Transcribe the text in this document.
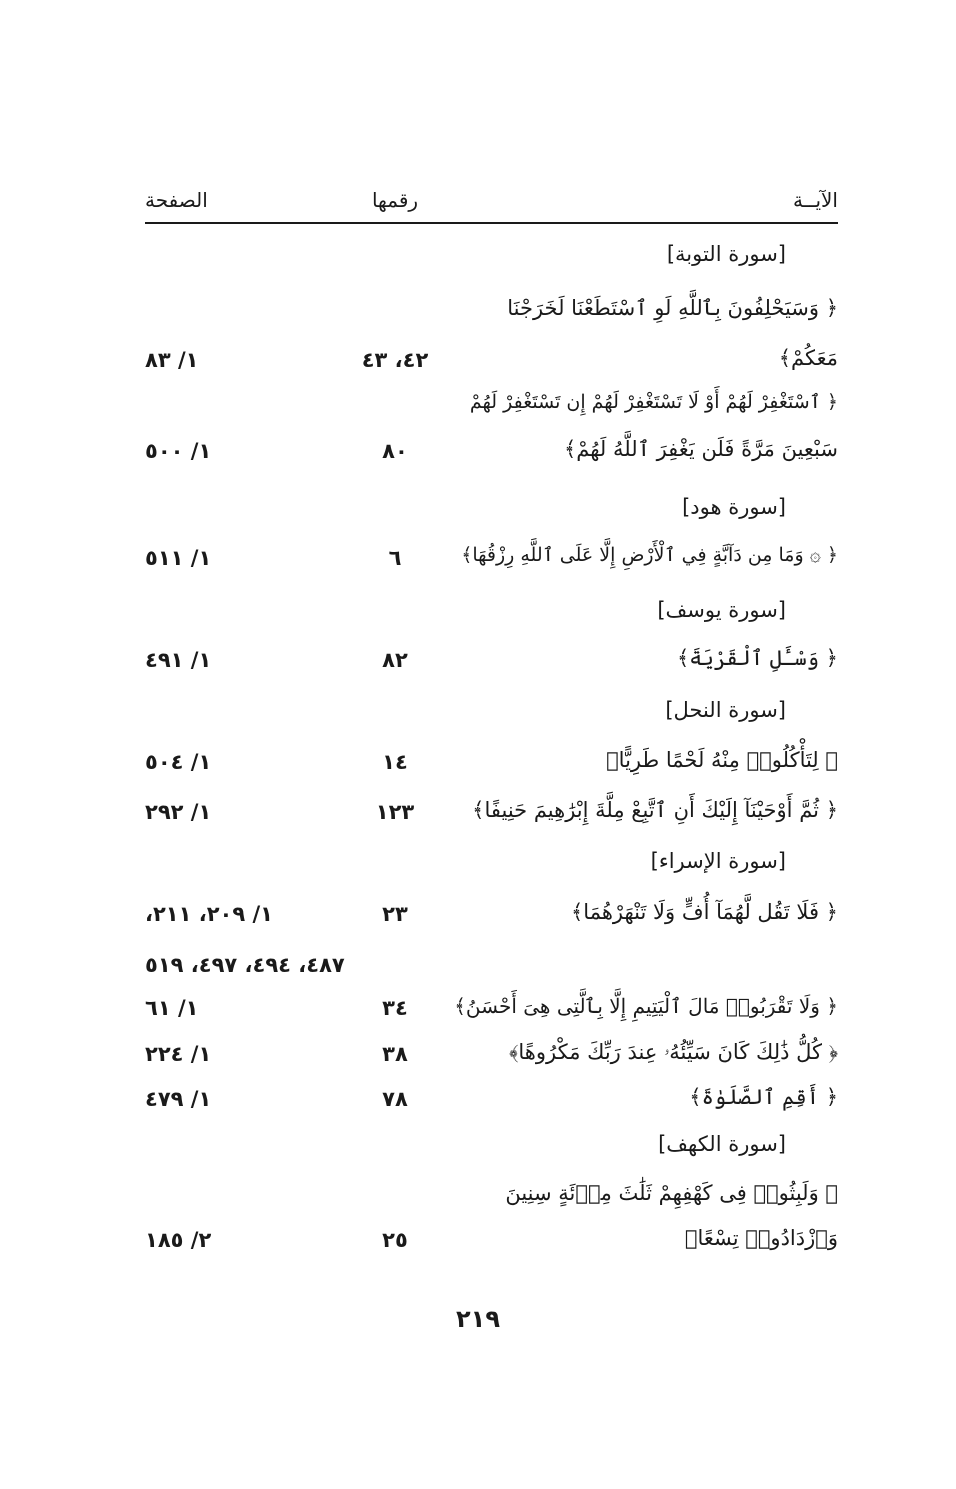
الآيــة
رقمها
الصفحة
[سورة التوبة]
﴿ وَسَيَحْلِفُونَ بِٱللَّهِ لَوِ ٱسْتَطَعْنَا لَخَرَجْنَا
مَعَكُمْ﴾
٤٢، ٤٣
١/ ٨٣
﴿ ٱسْتَغْفِرْ لَهُمْ أَوْ لَا تَسْتَغْفِرْ لَهُمْ إِن تَسْتَغْفِرْ لَهُمْ
سَبْعِينَ مَرَّةً فَلَن يَغْفِرَ ٱللَّهُ لَهُمْ﴾
٨٠
١/ ٥٠٠
[سورة هود]
﴿ ۞ وَمَا مِن دَآبَّةٍ فِي ٱلْأَرْضِ إِلَّا عَلَى ٱللَّهِ رِزْقُهَا﴾
٦
١/ ٥١١
[سورة يوسف]
﴿ وَسْـَٔلِ ٱلْقَرْيَةَ﴾
٨٢
١/ ٤٩١
[سورة النحل]
﴿ لِتَأْكُلُوا۟ مِنْهُ لَحْمًا طَرِيًّا﴾
١٤
١/ ٥٠٤
﴿ ثُمَّ أَوْحَيْنَآ إِلَيْكَ أَنِ ٱتَّبِعْ مِلَّةَ إِبْرَٰهِيمَ حَنِيفًا﴾
١٢٣
١/ ٢٩٢
[سورة الإسراء]
﴿ فَلَا تَقُل لَّهُمَآ أُفٍّ وَلَا تَنْهَرْهُمَا﴾
٢٣
١/ ٢٠٩، ٢١١،
٤٨٧، ٤٩٤، ٤٩٧، ٥١٩
﴿ وَلَا تَقْرَبُوا۟ مَالَ ٱلْيَتِيمِ إِلَّا بِٱلَّتِى هِىَ أَحْسَنُ﴾
٣٤
١/ ٦١
﴿ كُلُّ ذَٰلِكَ كَانَ سَيِّئُهُۥ عِندَ رَبِّكَ مَكْرُوهًا﴾
٣٨
١/ ٢٢٤
﴿ أَقِمِ ٱلصَّلَوٰةَ﴾
٧٨
١/ ٤٧٩
[سورة الكهف]
﴿ وَلَبِثُوا۟ فِى كَهْفِهِمْ ثَلَٰثَ مِا۟ئَةٍ سِنِينَ
وَٱزْدَادُوا۟ تِسْعًا﴾
٢٥
٢/ ١٨٥
٢١٩
